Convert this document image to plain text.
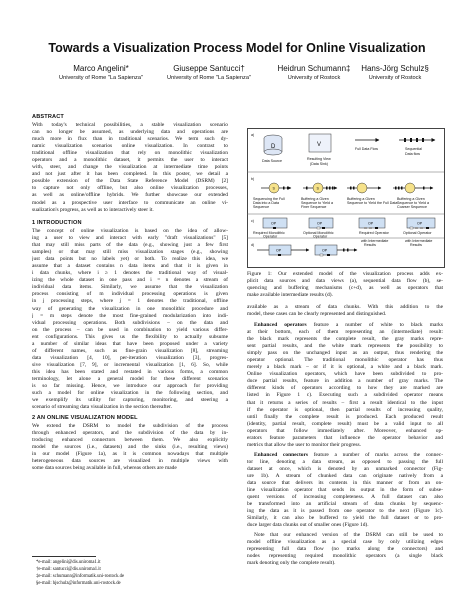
Towards a Visualization Process Model for Online Visualization
Marco Angelini*
University of Rome "La Sapienza"
Giuseppe Santucci†
University of Rome "La Sapienza"
Heidrun Schumann‡
University of Rostock
Hans-Jörg Schulz§
University of Rostock
ABSTRACT
With today's technical possibilities, a stable visualization scenario
can no longer be assumed, as underlying data and operations are
much more in flux than in traditional scenarios. We term such dy-
namic visualization scenarios online visualization. In contrast to
traditional offline visualization that rely on monolithic visualization
operators and a monolithic dataset, it permits the user to interact
with, steer, and change the visualization at intermediate time points
and not just after it has been completed. In this poster, we detail a
possible extension of the Data State Reference Model (DSRM) [2]
to capture not only offline, but also online visualization processes,
as well as online/offline hybrids. We further showcase our extended
model as a prospective user interface to communicate an online vi-
sualization's progress, as well as to interactively steer it.
1 INTRODUCTION
The concept of online visualization is based on the idea of allow-
ing a user to view and interact with early "draft visualizations" [5]
that may still miss parts of the data (e.g., showing just a few first
samples) or that may still miss visualization stages (e.g., showing
just data points but no labels yet) or both. To realize this idea, we
assume that a dataset contains n data items and that it is given in
i data chunks, where i ≥ 1 denotes the traditional way of visual-
izing the whole dataset in one pass and i = n denotes a stream of
individual data items. Similarly, we assume that the visualization
process consisting of m individual processing operations is given
in j processing steps, where j = 1 denotes the traditional, offline
way of generating the visualization in one monolithic procedure and
j = m steps denote the most fine-grained modularization into indi-
vidual processing operations. Both subdivisions – on the data and
on the process – can be used in combination to yield various differ-
ent configurations. This gives us the flexibility to actually subsume
a number of similar ideas that have been proposed under a variety
of different names, such as fine-grain visualization [8], streaming
data visualization [4, 10], per-iteration visualization [3], progres-
sive visualization [7, 9], or incremental visualization [1, 6]. So, while
this idea has been stated and restated in various forms, a common
terminology, let alone a general model for these different scenarios
is so far missing. Hence, we introduce our approach for providing
such a model for online visualization in the following section, and
we exemplify its utility for capturing, monitoring, and steering a
scenario of streaming data visualization in the section thereafter.
2 AN ONLINE VISUALIZATION MODEL
We extend the DSRM to model the subdivision of the process
through enhanced operators, and the subdivision of the data by in-
troducing enhanced connectors between them. We also explicitly
model the sources (i.e., datasets) and the sinks (i.e., resulting views)
in our model (Figure 1a), as it is common nowadays that multiple
heterogeneous data sources are visualized in multiple views with
some data sources being available in full, whereas others are made
*e-mail: angelini@dis.uniroma1.it
†e-mail: santucci@dis.uniroma1.it
‡e-mail: schumann@informatik.uni-rostock.de
§e-mail: hjschulz@informatik.uni-rostock.de
a)
b)
c)
d)
D
Data Source
V
Resulting View
(Data Sink)
Full Data Flow	Sequential
Data flow
S	S
Sequencing the Full
Data into a Data
Sequence
Buffering a Given
Sequence to Yield a
Finer Sequence
Buffering a Given
Sequence to Yield the Full Data
Buffering a Given
Sequence to Yield a
Coarser Sequence
OP	OP	OP	OP
Required Monolithic
Operator
Optional Monolithic
Operator
OP	OP
Required Operator
with Intermediate
Results
Optional Operator
with Intermediate
Results
Figure 1: Our extended model of the visualization process adds ex-
plicit data sources and data views (a), sequential data flow (b), se-
quencing and buffering mechanisms (c+d), as well as operators that
make available intermediate results (d).
available as a stream of data chunks. With this addition to the
model, these cases can be clearly represented and distinguished.
Enhanced operators feature a number of white to black marks
at their bottom, each of them representing an (intermediate) result:
the black mark represents the complete result, the gray marks repre-
sent partial results, and the white mark represents the possibility to
simply pass on the unchanged input as an output, thus rendering the
operator optional. The traditional monolithic operator has thus
merely a black mark – or if it is optional, a white and a black mark.
Online visualization operators, which have been subdivided to pro-
duce partial results, feature in addition a number of gray marks. The
different kinds of operators according to how they are marked are
listed in Figure 1 c). Executing such a subdivided operator means
that it returns a series of results – first a result identical to the input
if the operator is optional, then partial results of increasing quality,
until finally the complete result is produced. Each produced result
(identity, partial result, complete result) must be a valid input to all
operators that follow immediately after. Moreover, enhanced op-
erators feature parameters that influence the operator behavior and
metrics that allow the user to monitor their progress.
Enhanced connectors feature a number of marks across the connec-
tor line, denoting a data stream, as opposed to passing the full
dataset at once, which is denoted by an unmarked connector (Fig-
ure 1b). A stream of chunked data can originate natively from a
data source that delivers its contents in this manner or from an on-
line visualization operator that sends its output in the form of subse-
quent versions of increasing completeness. A full dataset can also
be transformed into an artificial stream of data chunks by sequenc-
ing the data as it is passed from one operator to the next (Figure 1c).
Similarly, it can also be buffered to yield the full dataset or to pro-
duce larger data chunks out of smaller ones (Figure 1d).
Note that our enhanced version of the DSRM can still be used to
model offline visualization as a special case by only utilizing edges
representing full data flow (no marks along the connectors) and
nodes representing required monolithic operators (a single black
mark denoting only the complete result).
